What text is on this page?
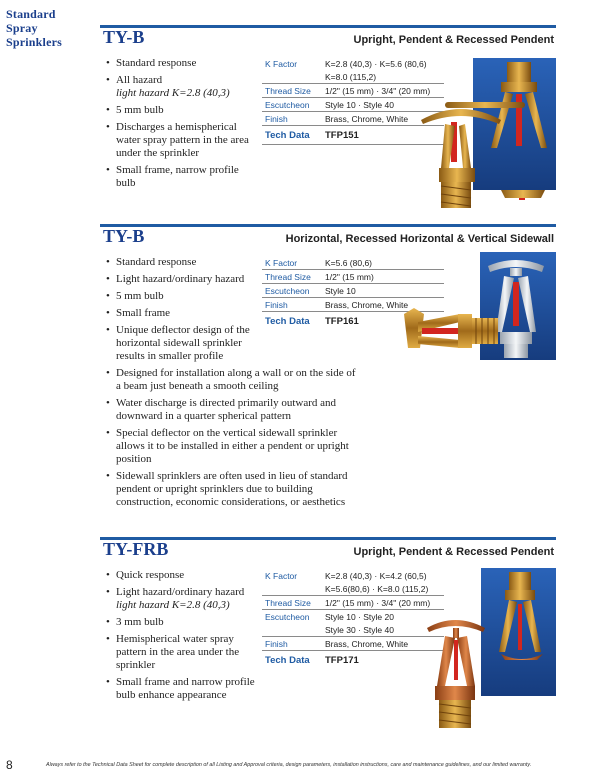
Standard
Spray
Sprinklers TY-B	Upright, Pendent & Recessed Pendent
• Standard response
• All hazard
light hazard K=2.8 (40,3)
• 5 mm bulb
• Discharges a hemispherical water spray pattern in the area under the sprinkler
• Small frame, narrow profile bulb
K Factor	K=2.8 (40,3) · K=5.6 (80,6)
	K=8.0 (115,2)
Thread Size	1/2" (15 mm) · 3/4" (20 mm)
Escutcheon	Style 10 · Style 40
Finish	Brass, Chrome, White
Tech Data	TFP151
TY-B	Horizontal, Recessed Horizontal & Vertical Sidewall
• Standard response
• Light hazard/ordinary hazard
• 5 mm bulb
• Small frame
• Unique deflector design of the horizontal sidewall sprinkler results in smaller profile
• Designed for installation along a wall or on the side of a beam just beneath a smooth ceiling
• Water discharge is directed primarily outward and downward in a quarter spherical pattern
• Special deflector on the vertical sidewall sprinkler allows it to be installed in either a pendent or upright position
• Sidewall sprinklers are often used in lieu of standard pendent or upright sprinklers due to building construction, economic considerations, or aesthetics
K Factor	K=5.6 (80,6)
Thread Size	1/2" (15 mm)
Escutcheon	Style 10
Finish	Brass, Chrome, White
Tech Data	TFP161
TY-FRB	Upright, Pendent & Recessed Pendent
• Quick response
• Light hazard/ordinary hazard
light hazard K=2.8 (40,3)
• 3 mm bulb
• Hemispherical water spray pattern in the area under the sprinkler
• Small frame and narrow profile bulb enhance appearance
K Factor	K=2.8 (40,3) · K=4.2 (60,5)
	K=5.6(80,6) · K=8.0 (115,2)
Thread Size	1/2" (15 mm) · 3/4" (20 mm)
Escutcheon	Style 10 · Style 20
	Style 30 · Style 40
Finish	Brass, Chrome, White
Tech Data	TFP171
8	Always refer to the Technical Data Sheet for complete description of all Listing and Approval criteria, design parameters, installation instructions, care and maintenance guidelines, and our limited warranty.
